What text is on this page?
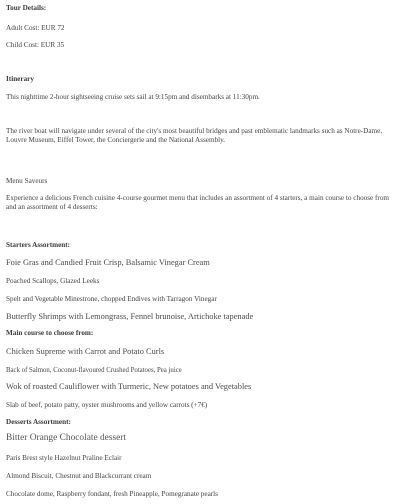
Tour Details:
Adult Cost: EUR 72
Child Cost: EUR 35
Itinerary
This nighttime 2-hour sightseeing cruise sets sail at 9:15pm and disembarks at 11:30pm.
The river boat will navigate under several of the city's most beautiful bridges and past emblematic landmarks such as Notre-Dame, Louvre Museum, Eiffel Tower, the Conciergerie and the National Assembly.
Menu Saveurs
Experience a delicious French cuisine 4-course gourmet menu that includes an assortment of 4 starters, a main course to choose from and an assortment of 4 desserts:
Starters Assortment:
Foie Gras and Candied Fruit Crisp, Balsamic Vinegar Cream
Poached Scallops, Glazed Leeks
Spelt and Vegetable Minestrone, chopped Endives with Tarragon Vinegar
Butterfly Shrimps with Lemongrass, Fennel brunoise, Artichoke tapenade
Main course to choose from:
Chicken Supreme with Carrot and Potato Curls
Back of Salmon, Coconut-flavoured Crushed Potatoes, Pea juice
Wok of roasted Cauliflower with Turmeric, New potatoes and Vegetables
Slab of beef, potato patty, oyster mushrooms and yellow carrots (+7€)
Desserts Assortment:
Bitter Orange Chocolate dessert
Paris Brest style Hazelnut Praline Eclair
Almond Biscuit, Chestnut and Blackcurrant cream
Chocolate dome, Raspberry fondant, fresh Pineapple, Pomegranate pearls
